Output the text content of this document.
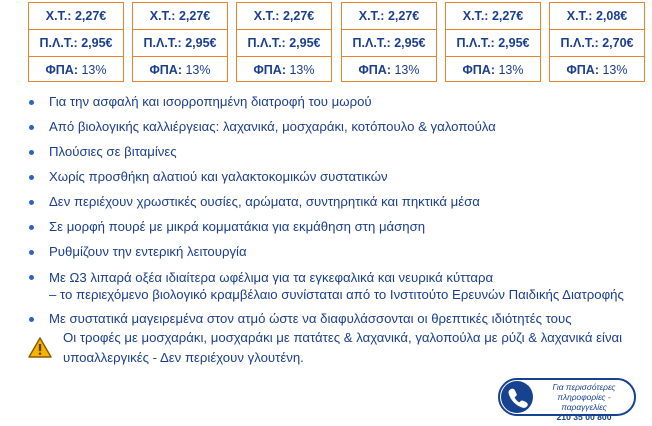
Χ.Τ.: 2,27€
Π.Λ.Τ.: 2,95€
ΦΠΑ: 13%
Χ.Τ.: 2,27€
Π.Λ.Τ.: 2,95€
ΦΠΑ: 13%
Χ.Τ.: 2,27€
Π.Λ.Τ.: 2,95€
ΦΠΑ: 13%
Χ.Τ.: 2,27€
Π.Λ.Τ.: 2,95€
ΦΠΑ: 13%
Χ.Τ.: 2,27€
Π.Λ.Τ.: 2,95€
ΦΠΑ: 13%
Χ.Τ.: 2,08€
Π.Λ.Τ.: 2,70€
ΦΠΑ: 13%
Για την ασφαλή και ισορροπημένη διατροφή του μωρού
Από βιολογικής καλλιέργειας: λαχανικά, μοσχαράκι, κοτόπουλο & γαλοπούλα
Πλούσιες σε βιταμίνες
Χωρίς προσθήκη αλατιού και γαλακτοκομικών συστατικών
Δεν περιέχουν χρωστικές ουσίες, αρώματα, συντηρητικά και πηκτικά μέσα
Σε μορφή πουρέ με μικρά κομματάκια για εκμάθηση στη μάσηση
Ρυθμίζουν την εντερική λειτουργία
Με Ω3 λιπαρά οξέα ιδιαίτερα ωφέλιμα για τα εγκεφαλικά και νευρικά κύτταρα
– το περιεχόμενο βιολογικό κραμβέλαιο συνίσταται από το Ινστιτούτο Ερευνών Παιδικής Διατροφής
Με συστατικά μαγειρεμένα στον ατμό ώστε να διαφυλάσσονται οι θρεπτικές ιδιότητές τους
Οι τροφές με μοσχαράκι, μοσχαράκι με πατάτες & λαχανικά, γαλοπούλα με ρύζι & λαχανικά είναι υποαλλεργικές - Δεν περιέχουν γλουτένη.
Για περισσότερες
πληροφορίες - παραγγελίες
210 35 00 800
